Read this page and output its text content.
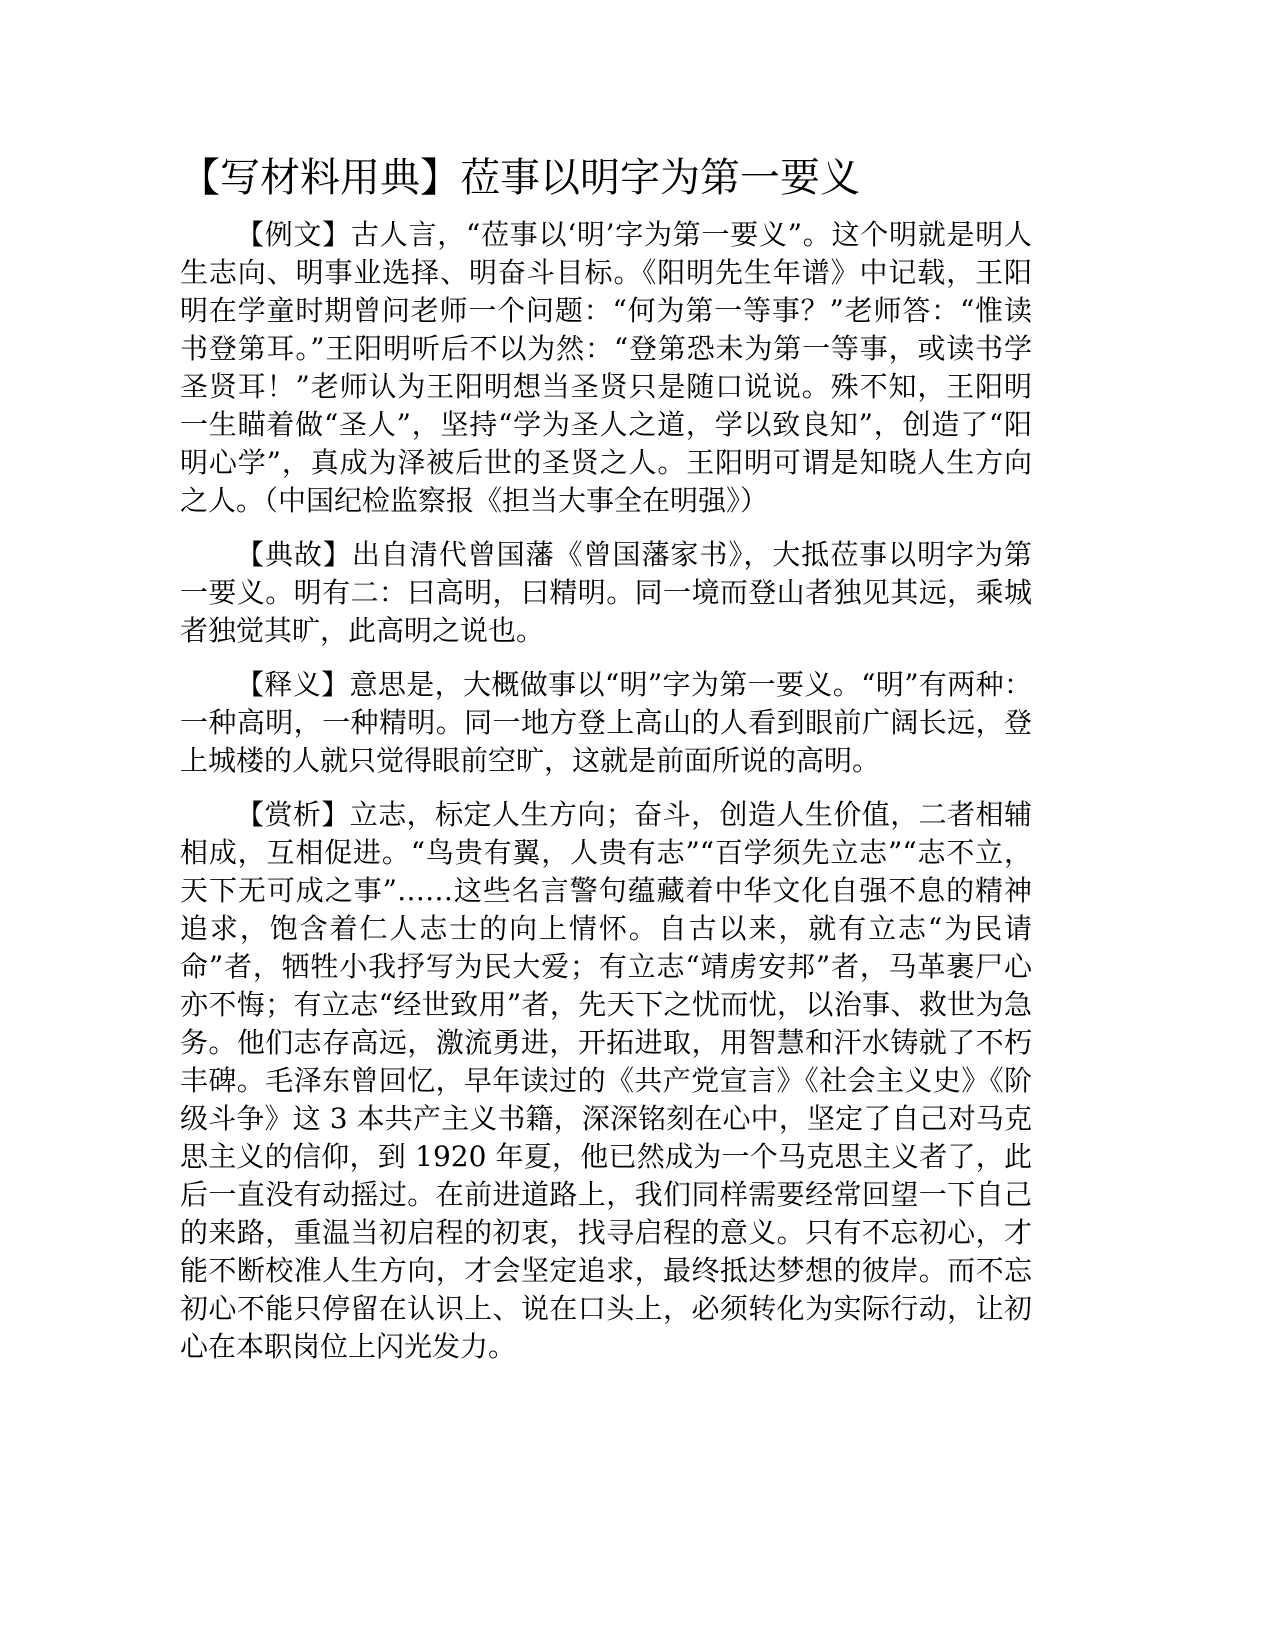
【写材料用典】莅事以明字为第一要义

【例文】古人言，“莅事以‘明’字为第一要义”。这个明就是明人生志向、明事业选择、明奋斗目标。《阳明先生年谱》中记载，王阳明在学童时期曾问老师一个问题：“何为第一等事？”老师答：“惟读书登第耳。”王阳明听后不以为然：“登第恐未为第一等事，或读书学圣贤耳！”老师认为王阳明想当圣贤只是随口说说。殊不知，王阳明一生瞄着做“圣人”，坚持“学为圣人之道，学以致良知”，创造了“阳明心学”，真成为泽被后世的圣贤之人。王阳明可谓是知晓人生方向之人。（中国纪检监察报《担当大事全在明强》）

【典故】出自清代曾国藩《曾国藩家书》，大抵莅事以明字为第一要义。明有二：曰高明，曰精明。同一境而登山者独见其远，乘城者独觉其旷，此高明之说也。

【释义】意思是，大概做事以“明”字为第一要义。“明”有两种：一种高明，一种精明。同一地方登上高山的人看到眼前广阔长远，登上城楼的人就只觉得眼前空旷，这就是前面所说的高明。

【赏析】立志，标定人生方向；奋斗，创造人生价值，二者相辅相成，互相促进。“鸟贵有翼，人贵有志”“百学须先立志”“志不立，天下无可成之事”……这些名言警句蕴藏着中华文化自强不息的精神追求，饱含着仁人志士的向上情怀。自古以来，就有立志“为民请命”者，牺牲小我抒写为民大爱；有立志“靖虏安邦”者，马革裹尸心亦不悔；有立志“经世致用”者，先天下之忧而忧，以治事、救世为急务。他们志存高远，激流勇进，开拓进取，用智慧和汗水铸就了不朽丰碑。毛泽东曾回忆，早年读过的《共产党宣言》《社会主义史》《阶级斗争》这 3 本共产主义书籍，深深铭刻在心中，坚定了自己对马克思主义的信仰，到 1920 年夏，他已然成为一个马克思主义者了，此后一直没有动摇过。在前进道路上，我们同样需要经常回望一下自己的来路，重温当初启程的初衷，找寻启程的意义。只有不忘初心，才能不断校准人生方向，才会坚定追求，最终抵达梦想的彼岸。而不忘初心不能只停留在认识上、说在口头上，必须转化为实际行动，让初心在本职岗位上闪光发力。
